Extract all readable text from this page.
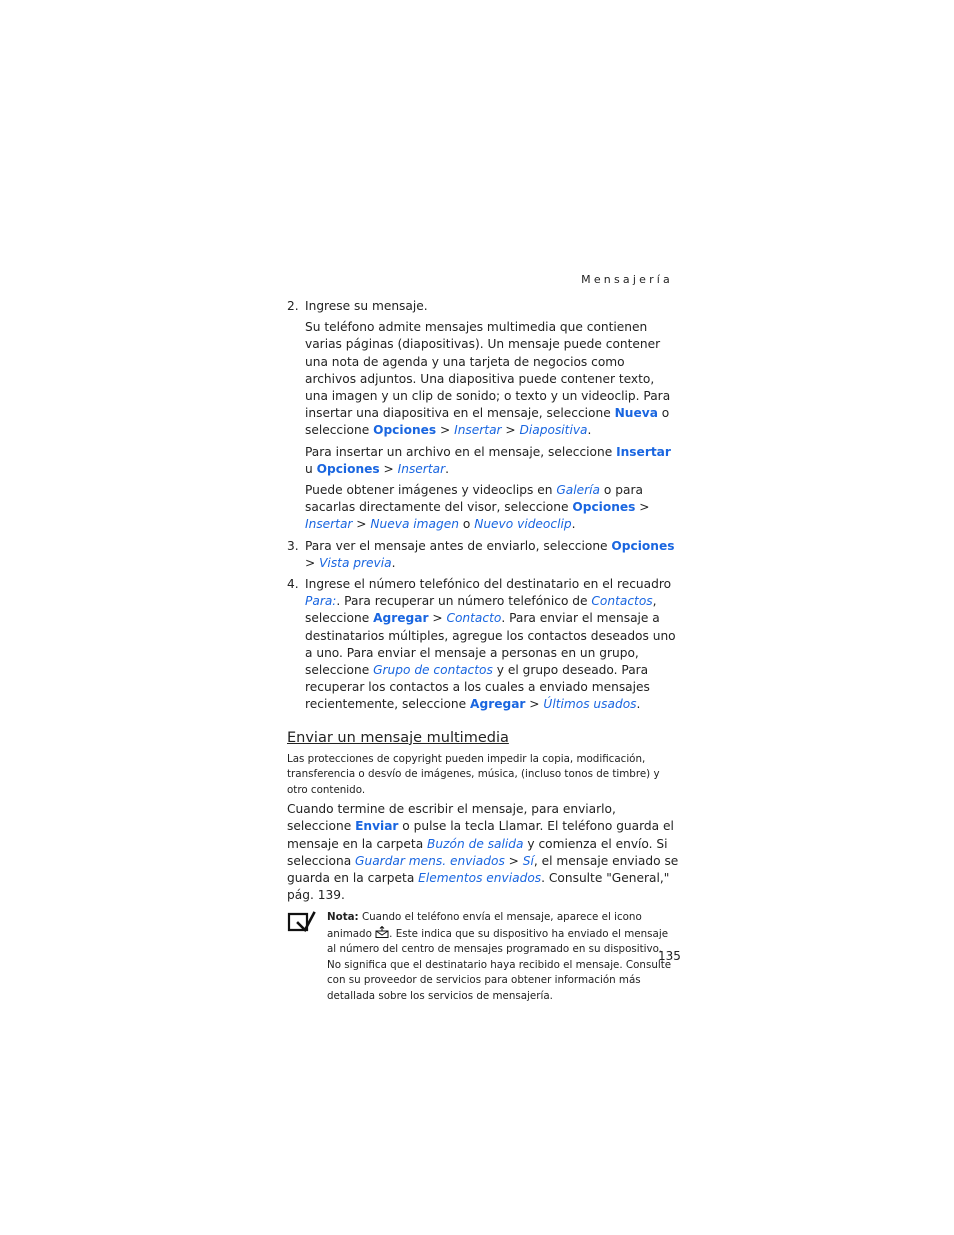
Mensajería
2. Ingrese su mensaje.

Su teléfono admite mensajes multimedia que contienen varias páginas (diapositivas). Un mensaje puede contener una nota de agenda y una tarjeta de negocios como archivos adjuntos. Una diapositiva puede contener texto, una imagen y un clip de sonido; o texto y un videoclip. Para insertar una diapositiva en el mensaje, seleccione Nueva o seleccione Opciones > Insertar > Diapositiva.

Para insertar un archivo en el mensaje, seleccione Insertar u Opciones > Insertar.

Puede obtener imágenes y videoclips en Galería o para sacarlas directamente del visor, seleccione Opciones > Insertar > Nueva imagen o Nuevo videoclip.

3. Para ver el mensaje antes de enviarlo, seleccione Opciones > Vista previa.

4. Ingrese el número telefónico del destinatario en el recuadro Para:. Para recuperar un número telefónico de Contactos, seleccione Agregar > Contacto. Para enviar el mensaje a destinatarios múltiples, agregue los contactos deseados uno a uno. Para enviar el mensaje a personas en un grupo, seleccione Grupo de contactos y el grupo deseado. Para recuperar los contactos a los cuales a enviado mensajes recientemente, seleccione Agregar > Últimos usados.

Enviar un mensaje multimedia

Las protecciones de copyright pueden impedir la copia, modificación, transferencia o desvío de imágenes, música, (incluso tonos de timbre) y otro contenido.

Cuando termine de escribir el mensaje, para enviarlo, seleccione Enviar o pulse la tecla Llamar. El teléfono guarda el mensaje en la carpeta Buzón de salida y comienza el envío. Si selecciona Guardar mens. enviados > Sí, el mensaje enviado se guarda en la carpeta Elementos enviados. Consulte "General," pág. 139.

Nota: Cuando el teléfono envía el mensaje, aparece el icono animado . Este indica que su dispositivo ha enviado el mensaje al número del centro de mensajes programado en su dispositivo. No significa que el destinatario haya recibido el mensaje. Consulte con su proveedor de servicios para obtener información más detallada sobre los servicios de mensajería.
135
